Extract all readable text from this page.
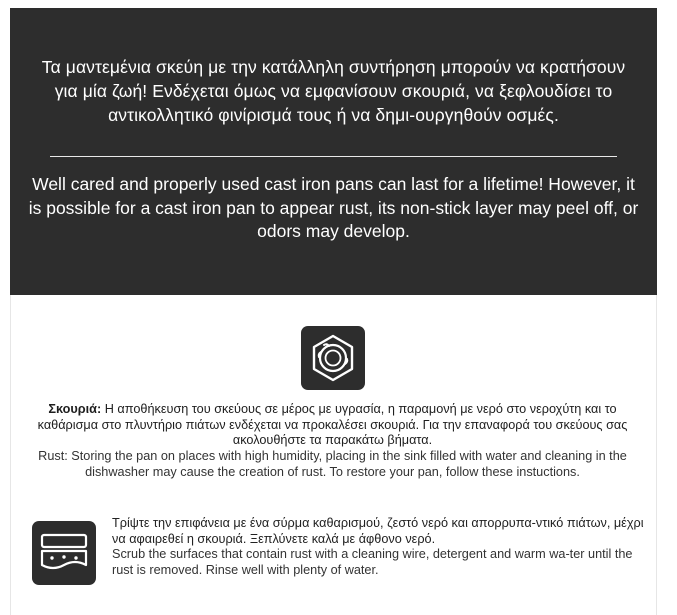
Τα μαντεμένια σκεύη με την κατάλληλη συντήρηση μπορούν να κρατήσουν για μία ζωή! Ενδέχεται όμως να εμφανίσουν σκουριά, να ξεφλουδίσει το αντικολλητικό φινίρισμά τους ή να δημι-ουργηθούν οσμές.
Well cared and properly used cast iron pans can last for a lifetime! However, it is possible for a cast iron pan to appear rust, its non-stick layer may peel off, or odors may develop.
Σκουριά: Η αποθήκευση του σκεύους σε μέρος με υγρασία, η παραμονή με νερό στο νεροχύτη και το καθάρισμα στο πλυντήριο πιάτων ενδέχεται να προκαλέσει σκουριά. Για την επαναφορά του σκεύους σας ακολουθήστε τα παρακάτω βήματα.
Rust: Storing the pan on places with high humidity, placing in the sink filled with water and cleaning in the dishwasher may cause the creation of rust. To restore your pan, follow these instuctions.
Τρίψτε την επιφάνεια με ένα σύρμα καθαρισμού, ζεστό νερό και απορρυπα-ντικό πιάτων, μέχρι να αφαιρεθεί η σκουριά. Ξεπλύνετε καλά με άφθονο νερό.
Scrub the surfaces that contain rust with a cleaning wire, detergent and warm wa-ter until the rust is removed. Rinse well with plenty of water.
